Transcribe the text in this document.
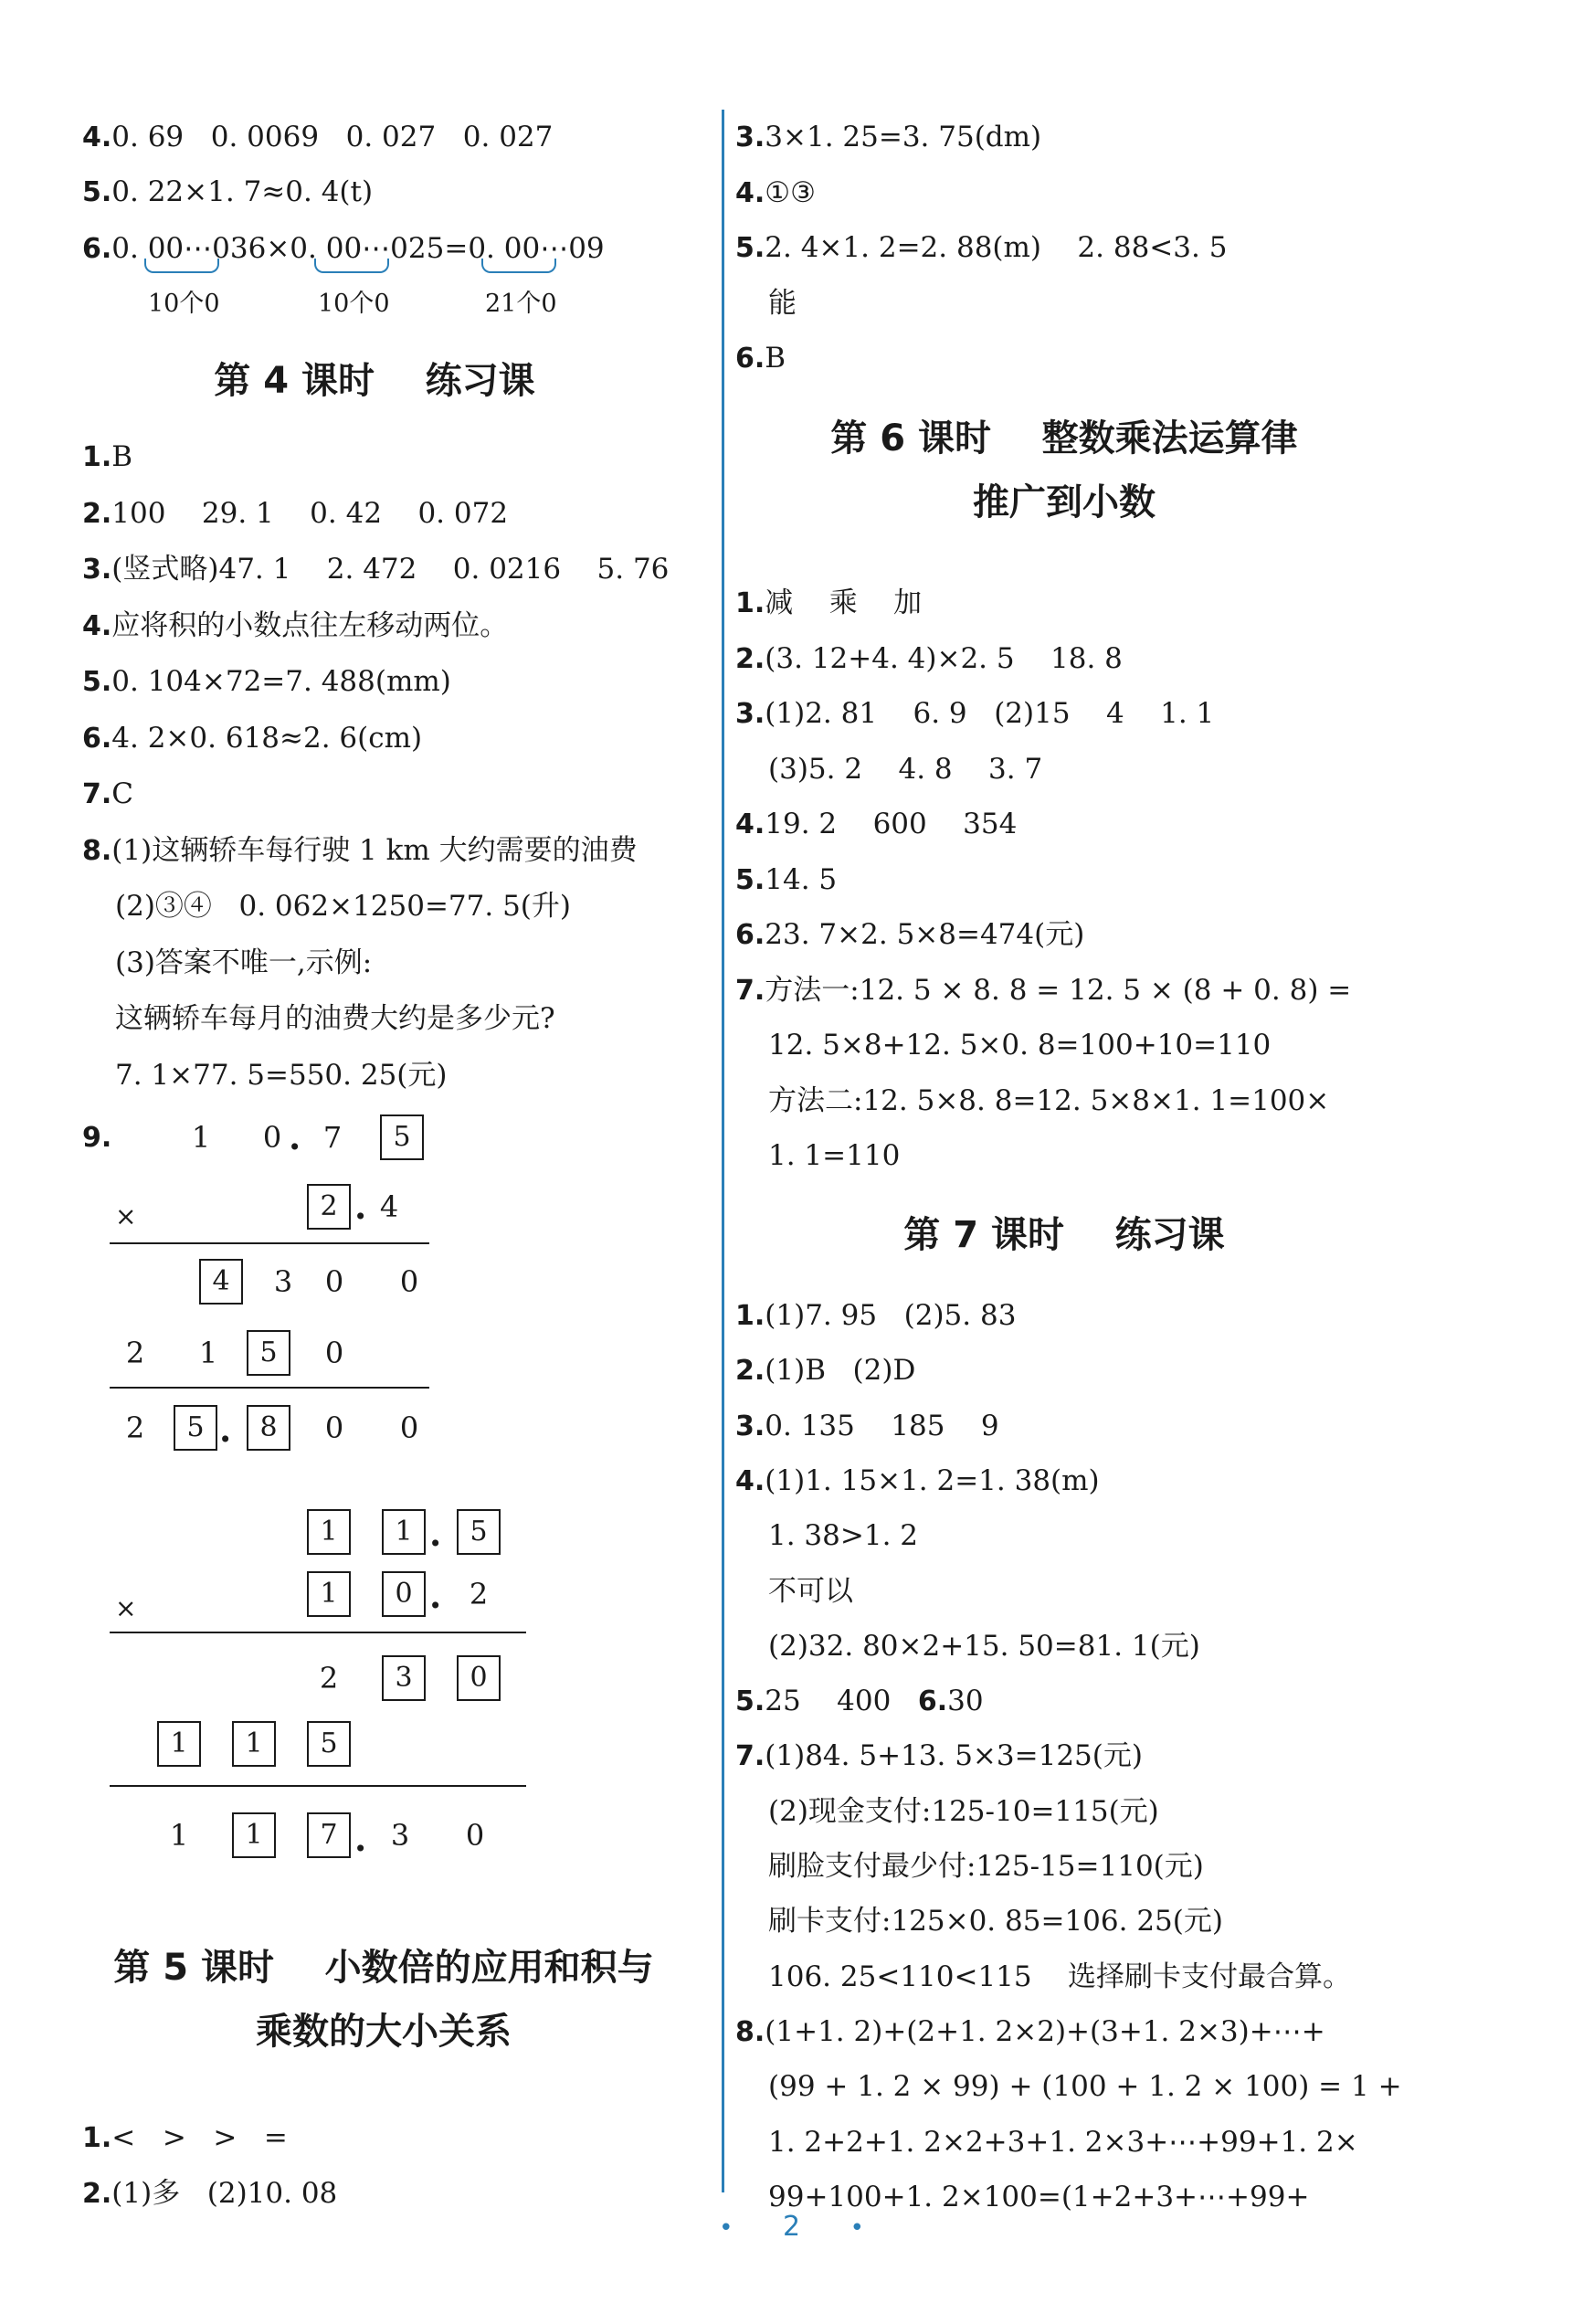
4.0. 69   0. 0069   0. 027   0. 027
5.0. 22×1. 7≈0. 4(t)
6.0. 00⋯036×0. 00⋯025=0. 00⋯09
10个0	10个0	21个0
第 4 课时    练习课
1.B
2.100    29. 1    0. 42    0. 072
3.(竖式略)47. 1    2. 472    0. 0216    5. 76
4.应将积的小数点往左移动两位。
5.0. 104×72=7. 488(mm)
6.4. 2×0. 618≈2. 6(cm)
7.C
8.(1)这辆轿车每行驶 1 km 大约需要的油费
(2)③④   0. 062×1250=77. 5(升)
(3)答案不唯一,示例:
这辆轿车每月的油费大约是多少元?
7. 1×77. 5=550. 25(元)
9.	1	0 . 7	5
×	2 . 4
4	3	0	0
2	1	5	0
2	5 .	8	0	0
1	1 .	5
×	1	0 . 2
2	3	0
1	1	5
1	1	7 . 3	0
第 5 课时    小数倍的应用和积与
乘数的大小关系
1.<   >   >   =
2.(1)多   (2)10. 08
3.3×1. 25=3. 75(dm)
4.①③
5.2. 4×1. 2=2. 88(m)    2. 88<3. 5
能
6.B
第 6 课时    整数乘法运算律
推广到小数
1.减    乘    加
2.(3. 12+4. 4)×2. 5    18. 8
3.(1)2. 81    6. 9   (2)15    4    1. 1
(3)5. 2    4. 8    3. 7
4.19. 2    600    354
5.14. 5
6.23. 7×2. 5×8=474(元)
7.方法一:12. 5 × 8. 8 = 12. 5 × (8 + 0. 8) =
12. 5×8+12. 5×0. 8=100+10=110
方法二:12. 5×8. 8=12. 5×8×1. 1=100×
1. 1=110
第 7 课时    练习课
1.(1)7. 95   (2)5. 83
2.(1)B   (2)D
3.0. 135    185    9
4.(1)1. 15×1. 2=1. 38(m)
1. 38>1. 2
不可以
(2)32. 80×2+15. 50=81. 1(元)
5.25    400   6.30
7.(1)84. 5+13. 5×3=125(元)
(2)现金支付:125-10=115(元)
刷脸支付最少付:125-15=110(元)
刷卡支付:125×0. 85=106. 25(元)
106. 25<110<115    选择刷卡支付最合算。
8.(1+1. 2)+(2+1. 2×2)+(3+1. 2×3)+⋯+
(99 + 1. 2 × 99) + (100 + 1. 2 × 100) = 1 +
1. 2+2+1. 2×2+3+1. 2×3+⋯+99+1. 2×
99+100+1. 2×100=(1+2+3+⋯+99+
• 2 •
